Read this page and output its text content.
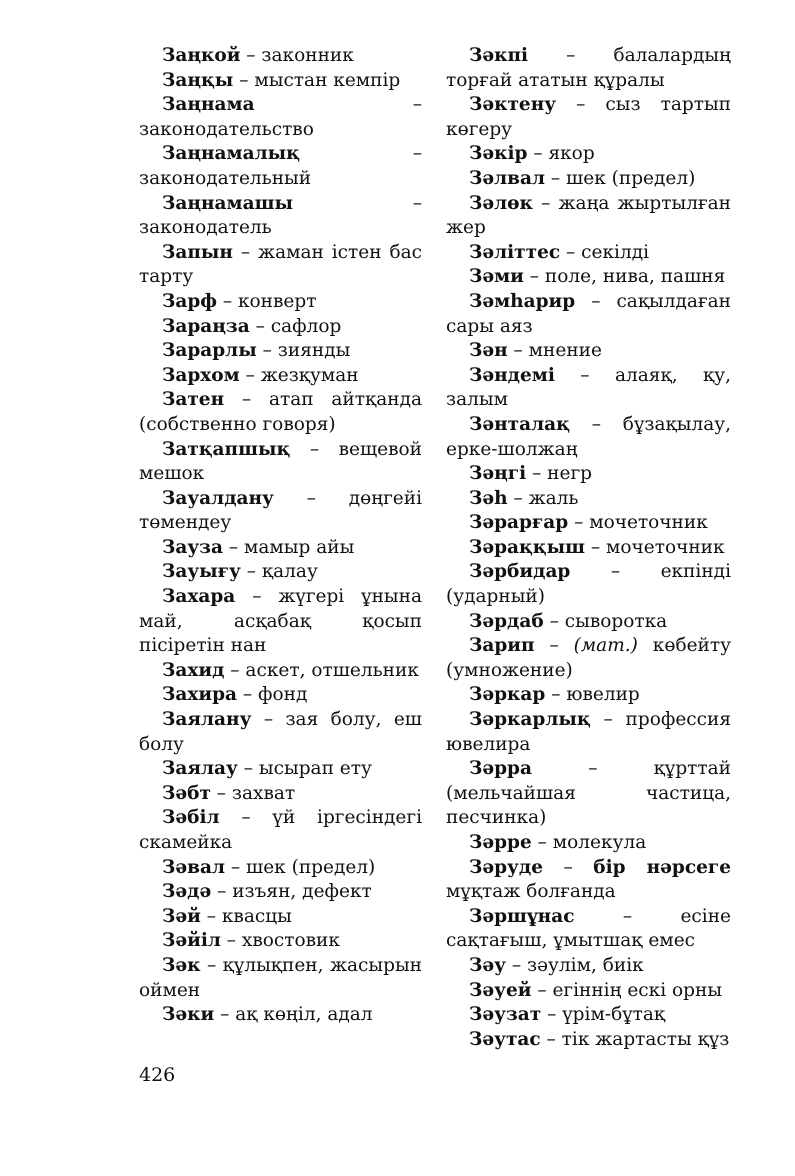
Заңкой – законник

Заңқы – мыстан кемпір

Заңнама – законодательство

Заңнамалық – законодательный

Заңнамашы – законодатель

Запын – жаман істен бас тарту

Зарф – конверт

Зараңза – сафлор

Зарарлы – зиянды

Зархом – жезқуман

Затен – атап айтқанда (собственно говоря)

Затқапшық – вещевой мешок

Зауалдану – дөңгейі төмендеу

Зауза – мамыр айы

Зауығу – қалау

Захара – жүгері ұнына май, асқабақ қосып пісіретін нан

Захид – аскет, отшельник

Захира – фонд

Заялану – зая болу, еш болу

Заялау – ысырап ету

Зәбт – захват

Зәбіл – үй іргесіндегі скамейка

Зәвал – шек (предел)

Зәдә – изъян, дефект

Зәй – квасцы

Зәйіл – хвостовик

Зәк – құлықпен, жасырын оймен

Зәки – ақ көңіл, адал

Зәкпі – балалардың торғай ататын құралы

Зәктену – сыз тартып көгеру

Зәкір – якор

Зәлвал – шек (предел)

Зәлөк – жаңа жыртылған жер

Зәліттес – секілді

Зәми – поле, нива, пашня

Зәмһарир – сақылдаған сары аяз

Зән – мнение

Зәндемі – алаяқ, қу, залым

Зәнталақ – бұзақылау, ерке-шолжаң

Зәңгі – негр

Зәһ – жаль

Зәрарғар – мочеточник

Зәраққыш – мочеточник

Зәрбидар – екпінді (ударный)

Зәрдаб – сыворотка

Зарип – (мат.) көбейту (умножение)

Зәркар – ювелир

Зәркарлық – профессия ювелира

Зәрра – құрттай (мельчайшая частица, песчинка)

Зәрре – молекула

Зәруде – бір нәрсеге мұқтаж болғанда

Зәршұнас – есіне сақтағыш, ұмытшақ емес

Зәу – зәулім, биік

Зәуей – егіннің ескі орны

Зәузат – үрім-бұтақ

Зәутас – тік жартасты құз

426
